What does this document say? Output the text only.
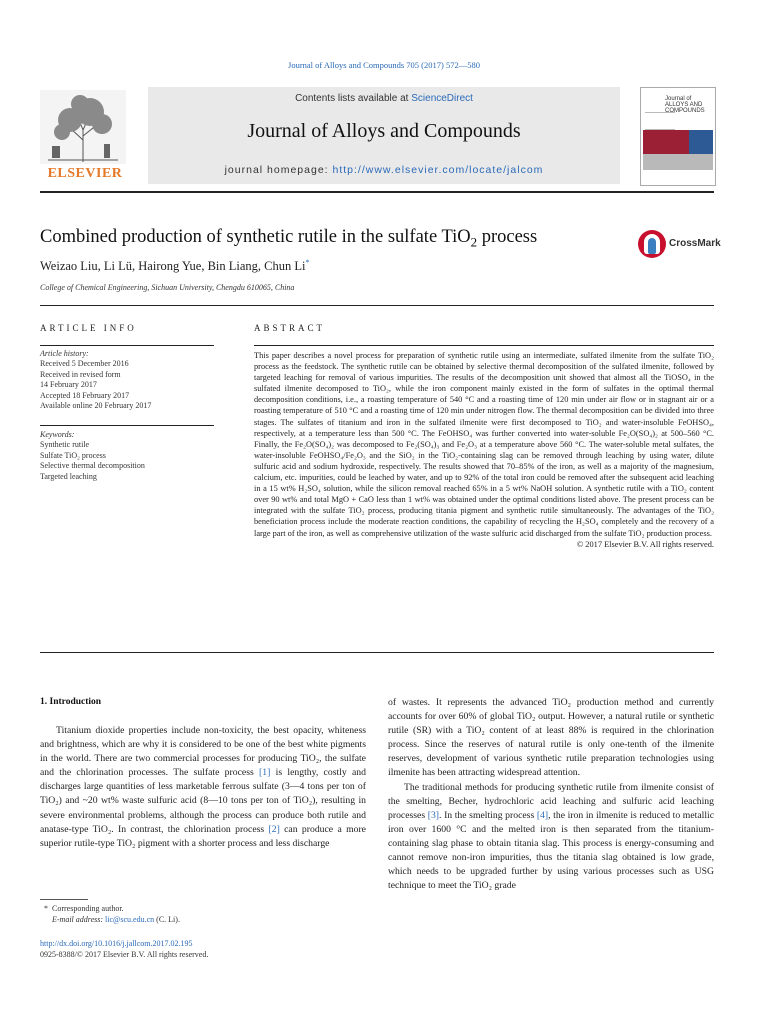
Journal of Alloys and Compounds 705 (2017) 572—580
ELSEVIER
Contents lists available at ScienceDirect
Journal of Alloys and Compounds
journal homepage: http://www.elsevier.com/locate/jalcom
Journal of ALLOYS AND COMPOUNDS
Combined production of synthetic rutile in the sulfate TiO$_2$ process	CrossMark
Weizao Liu, Li Lü, Hairong Yue, Bin Liang, Chun Li*
College of Chemical Engineering, Sichuan University, Chengdu 610065, China
ARTICLE INFO
Article history:
Received 5 December 2016
Received in revised form
14 February 2017
Accepted 18 February 2017
Available online 20 February 2017
Keywords:
Synthetic rutile
Sulfate TiO₂ process
Selective thermal decomposition
Targeted leaching
ABSTRACT
This paper describes a novel process for preparation of synthetic rutile using an intermediate, sulfated ilmenite from the sulfate TiO₂ process as the feedstock. The synthetic rutile can be obtained by selective thermal decomposition of the sulfated ilmenite, followed by targeted leaching for removal of various impurities. The results of the decomposition unit showed that almost all the TiOSO₄ in the sulfated ilmenite decomposed to TiO₂, while the iron component mainly existed in the form of sulfates in the optimal thermal decomposition conditions, i.e., a roasting temperature of 540 °C and a roasting time of 120 min under air flow or in stagnant air or a roasting temperature of 510 °C and a roasting time of 120 min under nitrogen flow. The thermal decomposition can be divided into three stages. The sulfates of titanium and iron in the sulfated ilmenite were first decomposed to TiO₂ and water-insoluble FeOHSO₄, respectively, at a temperature less than 500 °C. The FeOHSO₄ was further converted into water-soluble Fe₂O(SO₄)₂ at 500–560 °C. Finally, the Fe₂O(SO₄)₂ was decomposed to Fe₂(SO₄)₃ and Fe₂O₃ at a temperature above 560 °C. The water-soluble metal sulfates, the water-insoluble FeOHSO₄/Fe₂O₃ and the SiO₂ in the TiO₂-containing slag can be removed through leaching by using water, dilute sulfuric acid and sodium hydroxide, respectively. The results showed that 70–85% of the iron, as well as a majority of the magnesium, calcium, etc. impurities, could be leached by water, and up to 92% of the total iron could be removed after the subsequent acid leaching in a 15 wt% H₂SO₄ solution, while the silicon removal reached 65% in a 5 wt% NaOH solution. A synthetic rutile with a TiO₂ content over 90 wt% and total MgO + CaO less than 1 wt% was obtained under the optimal conditions listed above. The present process can be integrated with the sulfate TiO₂ process, producing titania pigment and synthetic rutile simultaneously. The advantages of the TiO₂ beneficiation process include the moderate reaction conditions, the capability of recycling the H₂SO₄ completely and the recovery of a large part of the iron, as well as comprehensive utilization of the waste sulfuric acid discharged from the sulfate TiO₂ production process.
© 2017 Elsevier B.V. All rights reserved.
1. Introduction

Titanium dioxide properties include non-toxicity, the best opacity, whiteness and brightness, which are why it is considered to be one of the best white pigments in the world. There are two commercial processes for producing TiO₂, the sulfate and the chlorination processes. The sulfate process [1] is lengthy, costly and discharges large quantities of less marketable ferrous sulfate (3—4 tons per ton of TiO₂) and ~20 wt% waste sulfuric acid (8—10 tons per ton of TiO₂), resulting in severe environmental problems, although the process can produce both rutile and anatase-type TiO₂. In contrast, the chlorination process [2] can produce a more superior rutile-type TiO₂ pigment with a shorter process and less discharge

of wastes. It represents the advanced TiO₂ production method and currently accounts for over 60% of global TiO₂ output. However, a natural rutile or synthetic rutile (SR) with a TiO₂ content of at least 88% is required in the chlorination process. Since the reserves of natural rutile is only one-tenth of the ilmenite reserves, development of various synthetic rutile preparation technologies using ilmenite has been attracting widespread attention.

The traditional methods for producing synthetic rutile from ilmenite consist of the smelting, Becher, hydrochloric acid leaching and sulfuric acid leaching processes [3]. In the smelting process [4], the iron in ilmenite is reduced to metallic iron over 1600 °C and the melted iron is then separated from the titanium-containing slag phase to obtain titania slag. This process is energy-consuming and cannot remove non-iron impurities, thus the titania slag obtained is low grade, which needs to be upgraded further by using various processes such as USG technique to meet the TiO₂ grade

* Corresponding author.
E-mail address: lic@scu.edu.cn (C. Li).
http://dx.doi.org/10.1016/j.jallcom.2017.02.195
0925-8388/© 2017 Elsevier B.V. All rights reserved.
